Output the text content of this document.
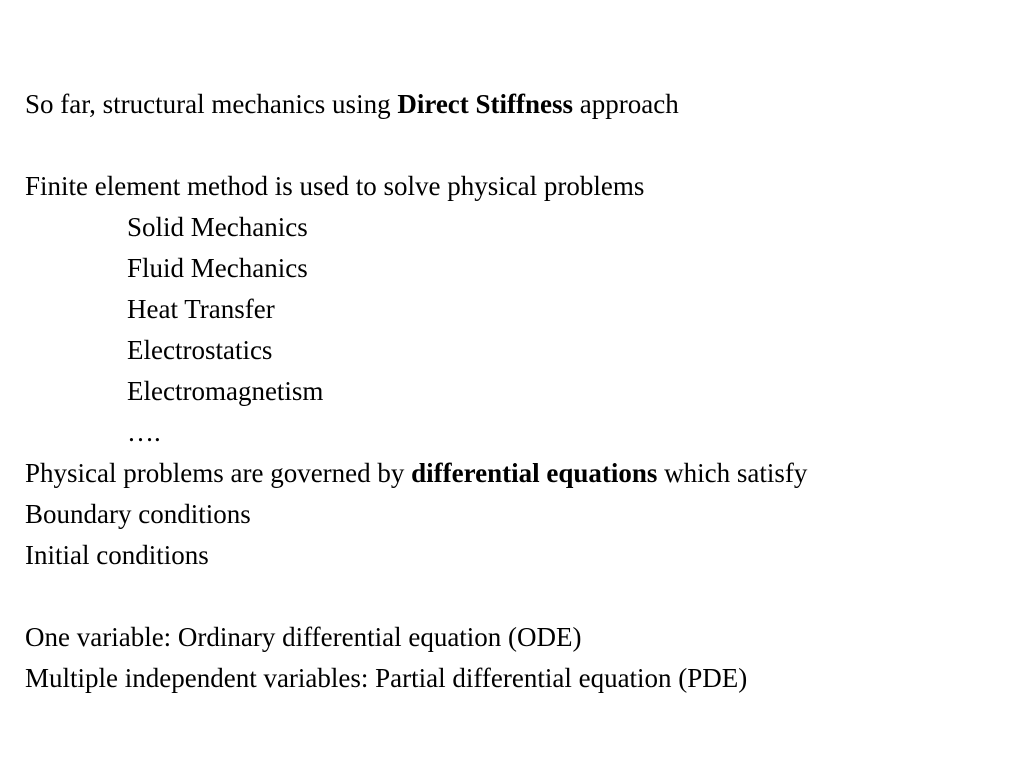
So far, structural mechanics using Direct Stiffness approach
Finite element method is used to solve physical problems
Solid Mechanics
Fluid Mechanics
Heat Transfer
Electrostatics
Electromagnetism
….
Physical problems are governed by differential equations which satisfy
Boundary conditions
Initial conditions
One variable: Ordinary differential equation (ODE)
Multiple independent variables: Partial differential equation (PDE)
